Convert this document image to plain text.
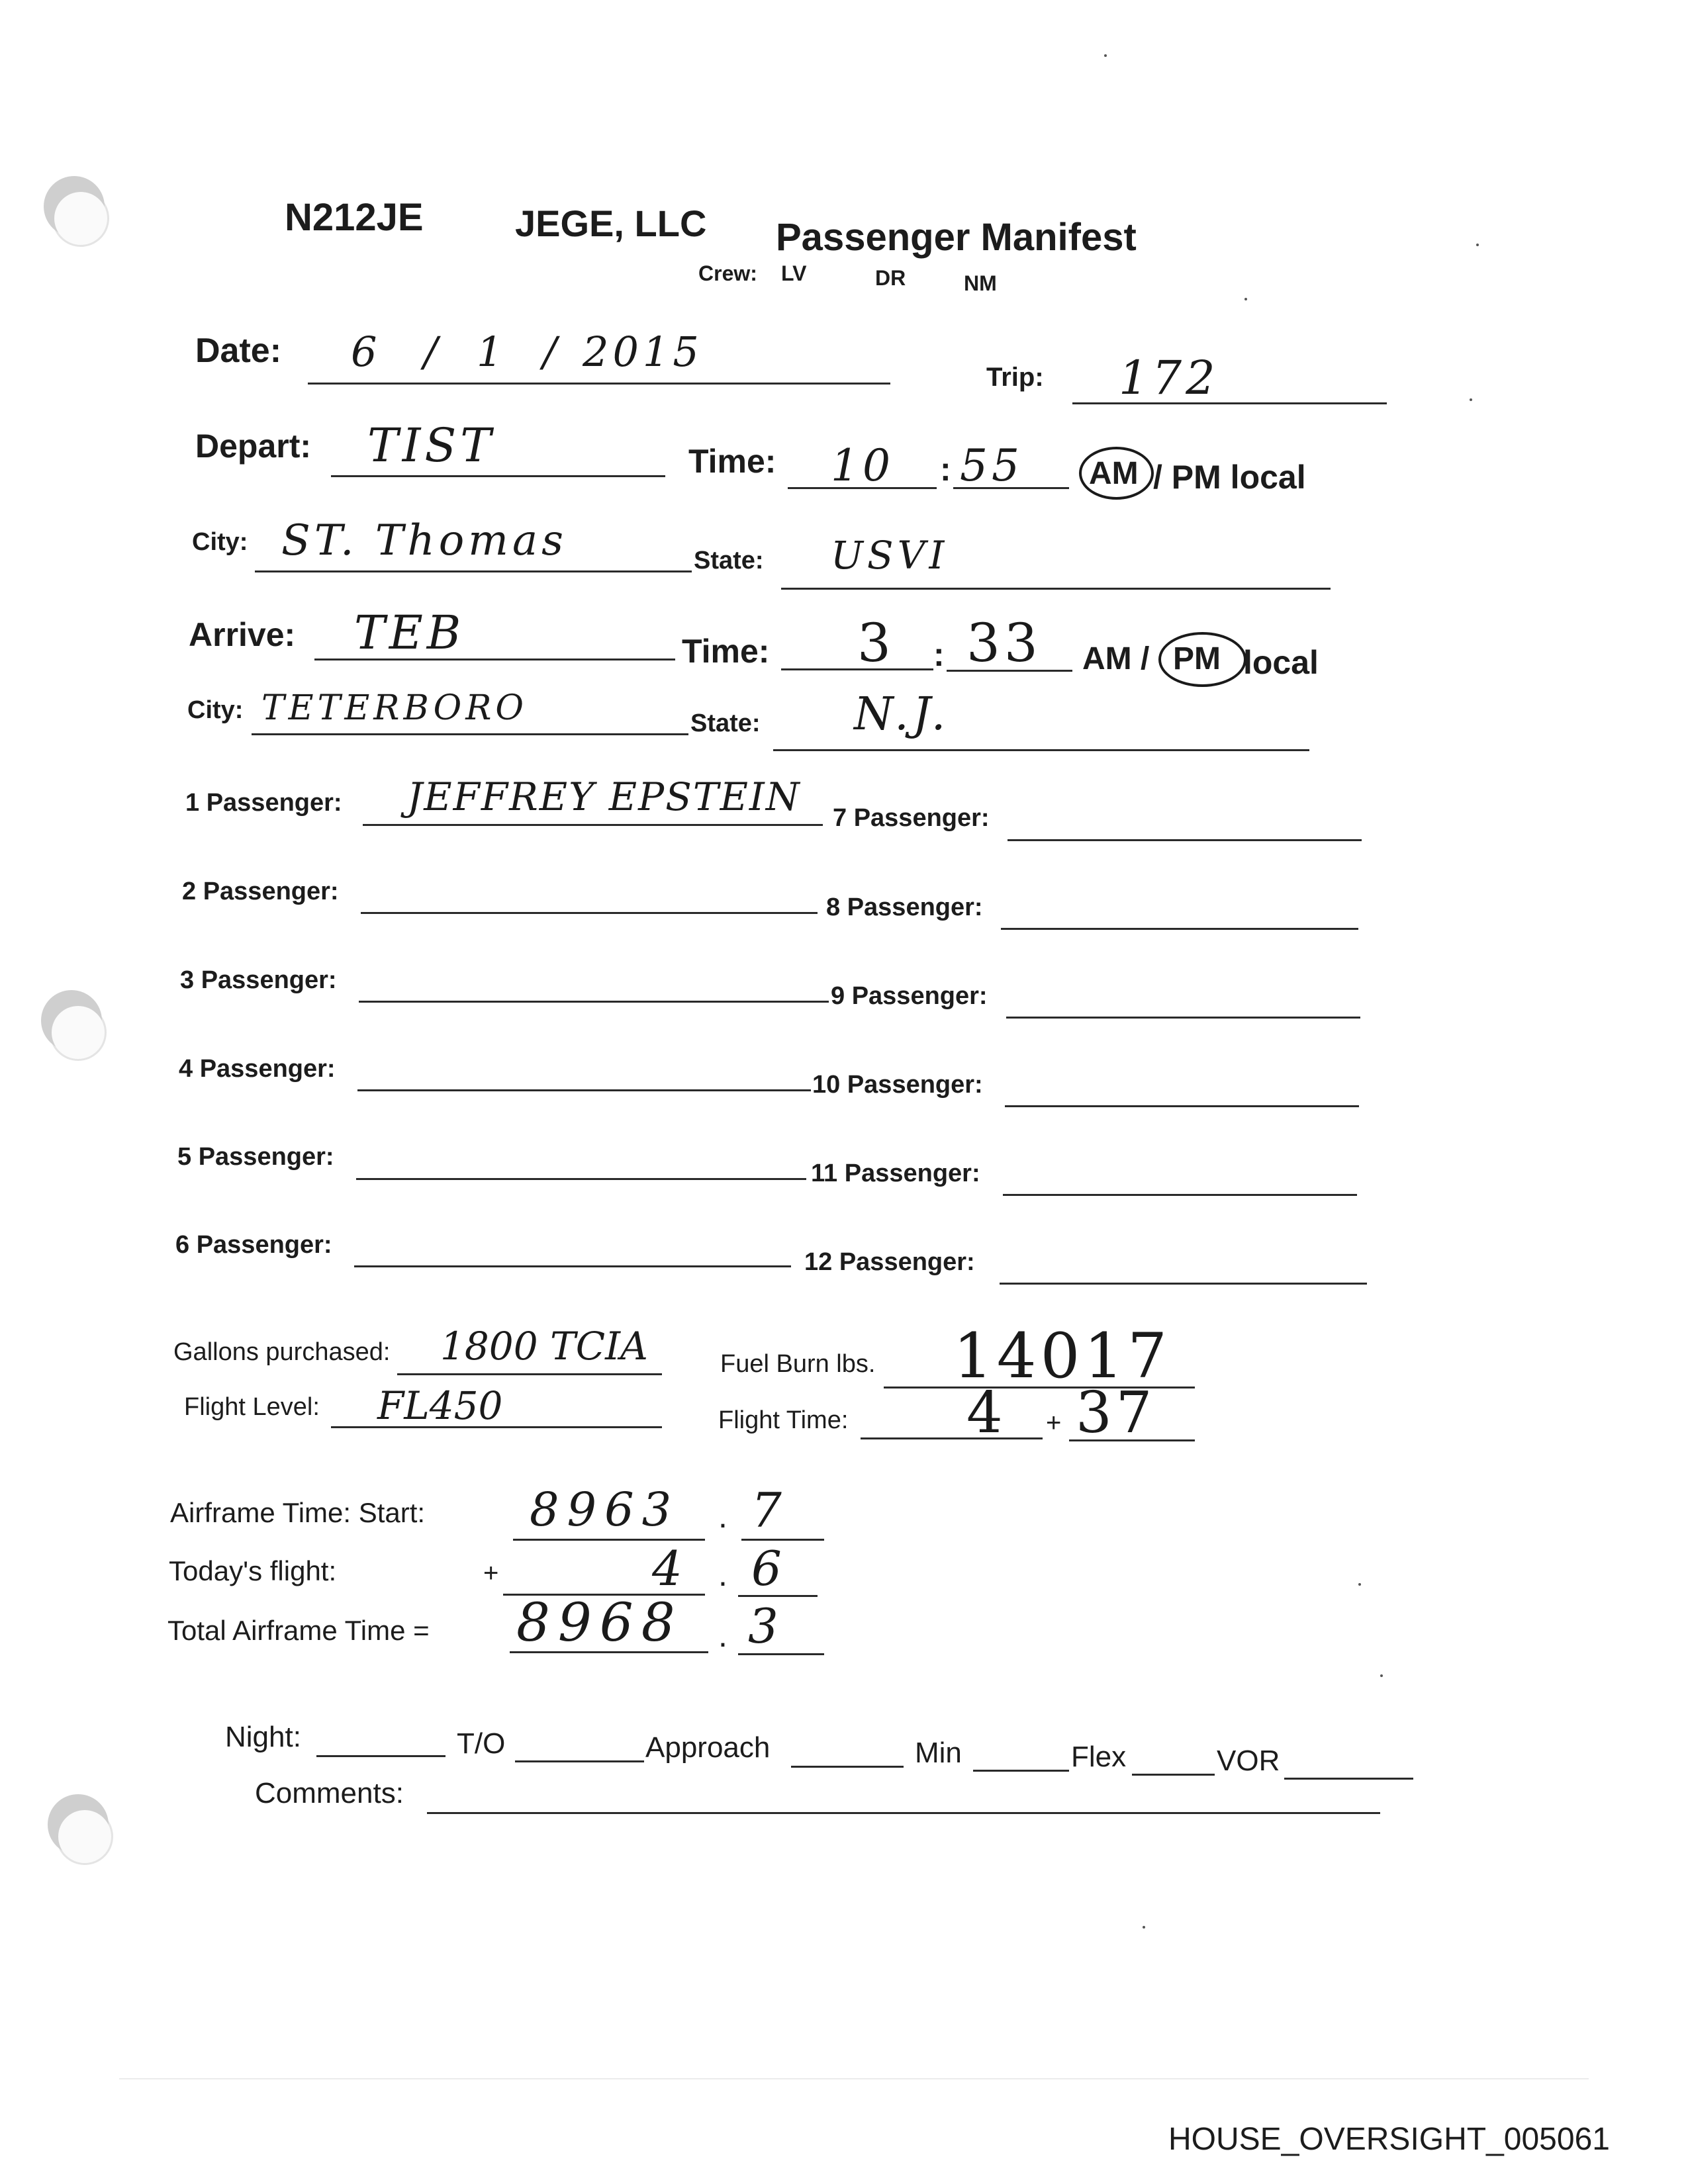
N212JE JEGE, LLC Passenger Manifest
Crew: LV	DR	NM
Date: 6 / 1 / 2015
Trip: 172
Depart: TIST	Time: 10 : 55 AM / PM local
City: ST. Thomas	State: USVI
Arrive: TEB	Time: 3 : 33 AM / PM local
City: TETERBORO	State: N.J.
1 Passenger: JEFFREY EPSTEIN 7 Passenger:
2 Passenger:
8 Passenger:
3 Passenger:
9 Passenger:
4 Passenger:
10 Passenger:
5 Passenger:
11 Passenger:
6 Passenger:
12 Passenger:
Gallons purchased: 1800 TCIA	Fuel Burn lbs. 14017
Flight Level: FL450	Flight Time: 4 + 37
Airframe Time: Start: 8963 . 7
Today's flight:	+	4 . 6
Total Airframe Time = 8968 . 3
Night:	T/O	Approach	Min	Flex	VOR
Comments:
HOUSE_OVERSIGHT_005061
